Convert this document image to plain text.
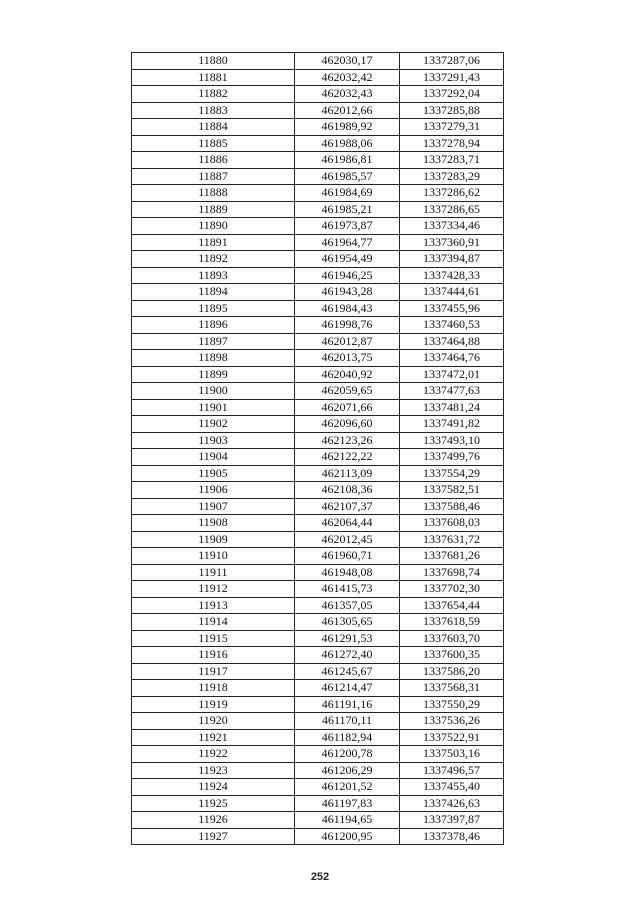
11880	462030,17	1337287,06
11881	462032,42	1337291,43
11882	462032,43	1337292,04
11883	462012,66	1337285,88
11884	461989,92	1337279,31
11885	461988,06	1337278,94
11886	461986,81	1337283,71
11887	461985,57	1337283,29
11888	461984,69	1337286,62
11889	461985,21	1337286,65
11890	461973,87	1337334,46
11891	461964,77	1337360,91
11892	461954,49	1337394,87
11893	461946,25	1337428,33
11894	461943,28	1337444,61
11895	461984,43	1337455,96
11896	461998,76	1337460,53
11897	462012,87	1337464,88
11898	462013,75	1337464,76
11899	462040,92	1337472,01
11900	462059,65	1337477,63
11901	462071,66	1337481,24
11902	462096,60	1337491,82
11903	462123,26	1337493,10
11904	462122,22	1337499,76
11905	462113,09	1337554,29
11906	462108,36	1337582,51
11907	462107,37	1337588,46
11908	462064,44	1337608,03
11909	462012,45	1337631,72
11910	461960,71	1337681,26
11911	461948,08	1337698,74
11912	461415,73	1337702,30
11913	461357,05	1337654,44
11914	461305,65	1337618,59
11915	461291,53	1337603,70
11916	461272,40	1337600,35
11917	461245,67	1337586,20
11918	461214,47	1337568,31
11919	461191,16	1337550,29
11920	461170,11	1337536,26
11921	461182,94	1337522,91
11922	461200,78	1337503,16
11923	461206,29	1337496,57
11924	461201,52	1337455,40
11925	461197,83	1337426,63
11926	461194,65	1337397,87
11927	461200,95	1337378,46
252
